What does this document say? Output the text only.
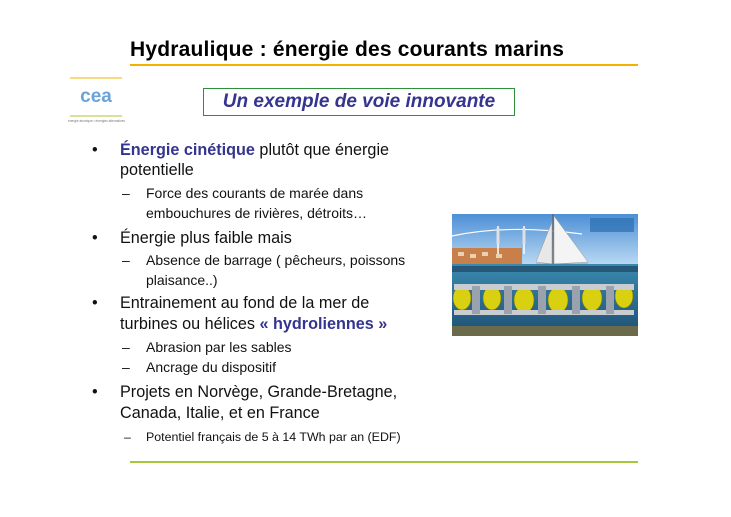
Hydraulique : énergie des courants marins
cea
énergie atomique • énergies alternatives
Un exemple de voie innovante
• Énergie cinétique plutôt que énergie
potentielle
– Force des courants de marée dans
embouchures de rivières, détroits…
• Énergie plus faible mais
– Absence de barrage ( pêcheurs, poissons
plaisance..)
• Entrainement au fond de la mer de
turbines ou hélices « hydroliennes »
– Abrasion par les sables
– Ancrage du dispositif
• Projets en Norvège, Grande-Bretagne,
Canada, Italie, et en France
– Potentiel français de 5 à 14 TWh par an (EDF)
